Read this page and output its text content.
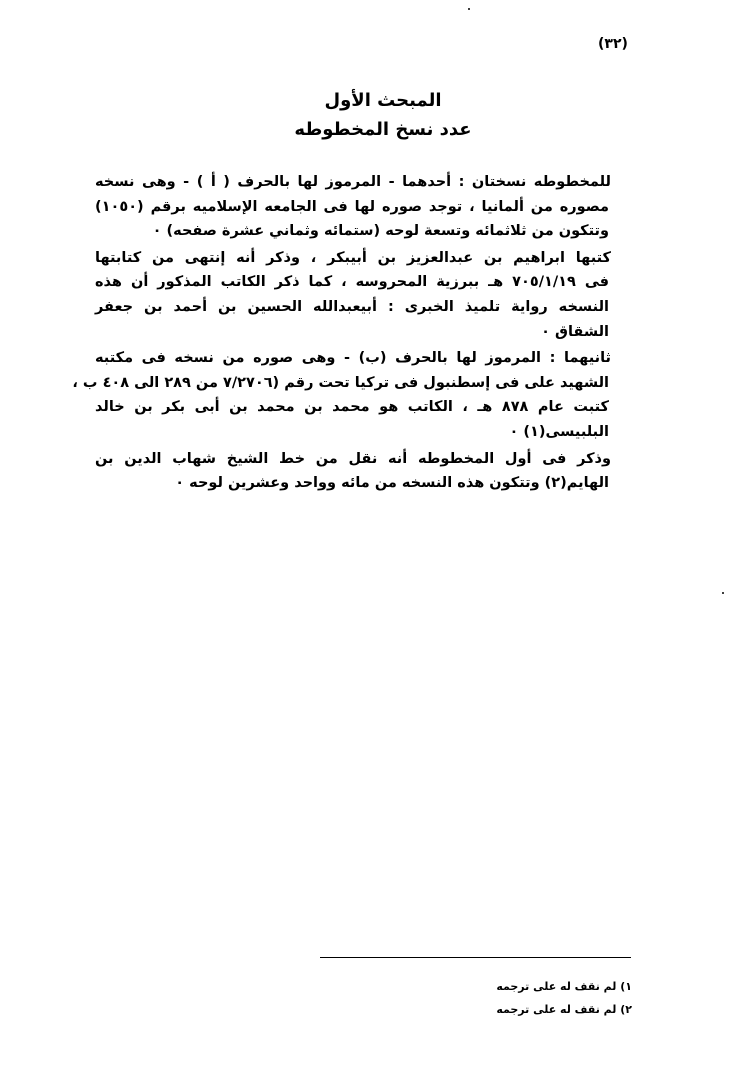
(٣٢)
المبحث الأول
عدد نسخ المخطوطه
للمخطوطه نسختان : أحدهما - المرموز لها بالحرف ( أ ) - وهى نسخه
مصوره من ألمانيا ، توجد صوره لها فى الجامعه الإسلاميه برقم (١٠٥٠)
وتتكون من ثلاثمائه وتسعة لوحه (ستمائه وثماني عشرة صفحه) ٠
كتبها ابراهيم بن عبدالعزيز بن أبيبكر ، وذكر أنه إنتهى من كتابتها
فى ٧٠٥/١/١٩ هـ ببرزية المحروسه ، كما ذكر الكاتب المذكور أن هذه
النسخه رواية تلميذ الخبرى : أبيعبدالله الحسين بن أحمد بن جعفر
الشقاق ٠
ثانيهما : المرموز لها بالحرف (ب) - وهى صوره من نسخه فى مكتبه
الشهيد على فى إسطنبول فى تركيا تحت رقم (٧/٢٧٠٦ من ٢٨٩ الى ٤٠٨ ب ،
كتبت عام ٨٧٨ هـ ، الكاتب هو محمد بن محمد بن أبى بكر بن خالد
البلبيسى(١) ٠
وذكر فى أول المخطوطه أنه نقل من خط الشيخ شهاب الدين بن
الهايم(٢) وتتكون هذه النسخه من مائه وواحد وعشرين لوحه ٠
١) لم نقف له على ترجمه
٢) لم نقف له على ترجمه
